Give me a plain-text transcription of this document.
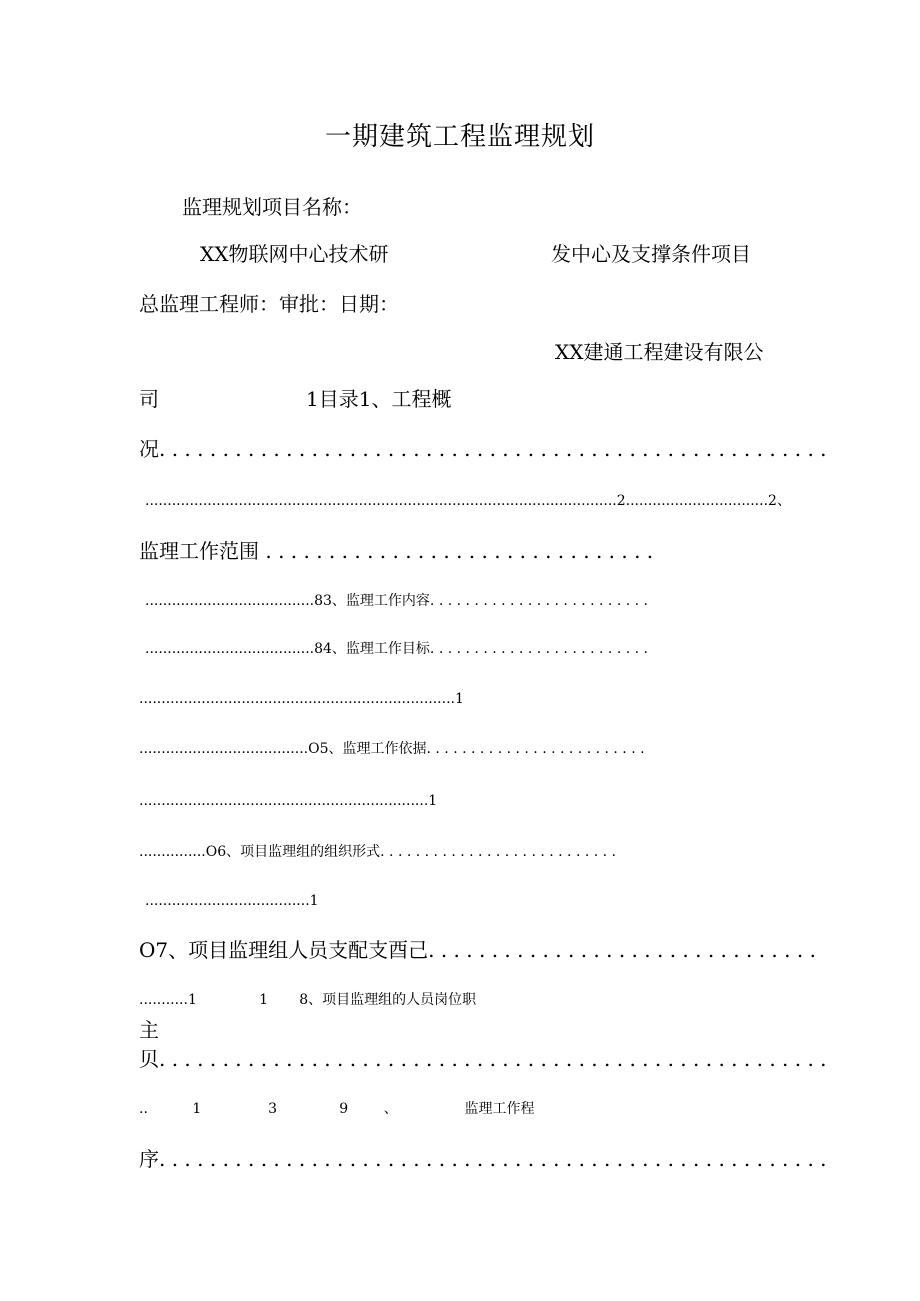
一期建筑工程监理规划
监理规划项目名称：
XX物联网中心技术研	发中心及支撑条件项目
总监理工程师：审批：日期：
XX建通工程建设有限公
司	1目录1、工程概
况. . . . . . . . . . . . . . . . . . . . . . . . . . . . . . . . . . . . . . . . . . . . . . . . . . . . .
..........................................................................................................2................................2、
监理工作范围 . . . . . . . . . . . . . . . . . . . . . . . . . . . . . . .
......................................83、监理工作内容. . . . . . . . . . . . . . . . . . . . . . . . .
......................................84、监理工作目标. . . . . . . . . . . . . . . . . . . . . . . . .
.......................................................................1
......................................O5、监理工作依据. . . . . . . . . . . . . . . . . . . . . . . . .
.................................................................1
...............O6、项目监理组的组织形式. . . . . . . . . . . . . . . . . . . . . . . . . . .
.....................................1
O7、项目监理组人员支配支酉己. . . . . . . . . . . . . . . . . . . . . . . . . . . . . . .
...........1              1       8、项目监理组的人员岗位职
主
贝. . . . . . . . . . . . . . . . . . . . . . . . . . . . . . . . . . . . . . . . . . . . . . . . . . . . .
..          1               3              9        、               监理工作程
序. . . . . . . . . . . . . . . . . . . . . . . . . . . . . . . . . . . . . . . . . . . . . . . . . . . . .
